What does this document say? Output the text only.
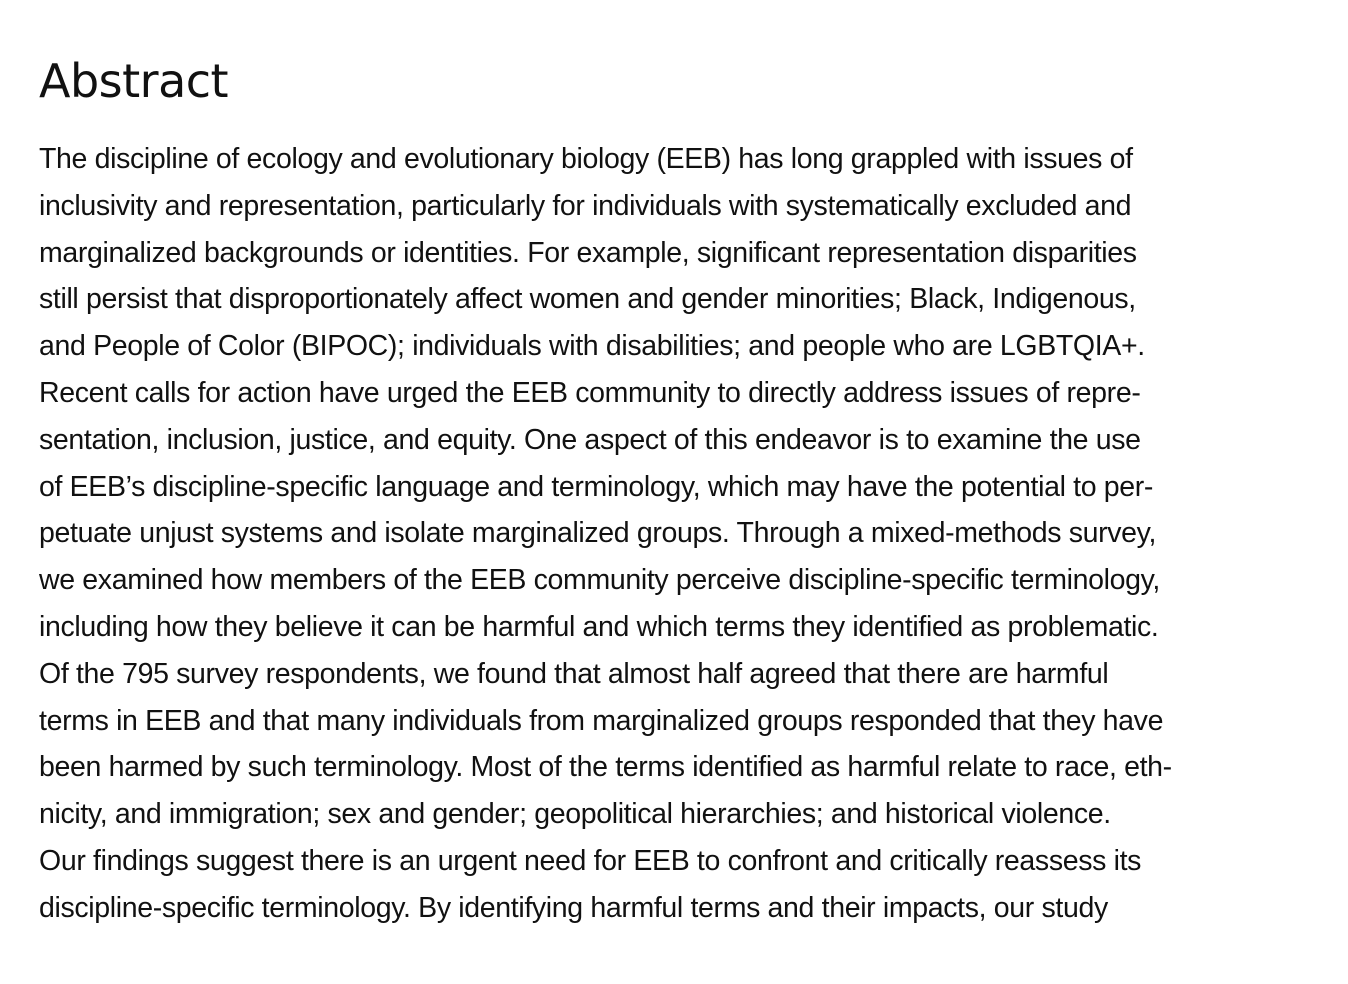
Abstract

The discipline of ecology and evolutionary biology (EEB) has long grappled with issues of
inclusivity and representation, particularly for individuals with systematically excluded and
marginalized backgrounds or identities. For example, significant representation disparities
still persist that disproportionately affect women and gender minorities; Black, Indigenous,
and People of Color (BIPOC); individuals with disabilities; and people who are LGBTQIA+.
Recent calls for action have urged the EEB community to directly address issues of repre-
sentation, inclusion, justice, and equity. One aspect of this endeavor is to examine the use
of EEB’s discipline-specific language and terminology, which may have the potential to per-
petuate unjust systems and isolate marginalized groups. Through a mixed-methods survey,
we examined how members of the EEB community perceive discipline-specific terminology,
including how they believe it can be harmful and which terms they identified as problematic.
Of the 795 survey respondents, we found that almost half agreed that there are harmful
terms in EEB and that many individuals from marginalized groups responded that they have
been harmed by such terminology. Most of the terms identified as harmful relate to race, eth-
nicity, and immigration; sex and gender; geopolitical hierarchies; and historical violence.
Our findings suggest there is an urgent need for EEB to confront and critically reassess its
discipline-specific terminology. By identifying harmful terms and their impacts, our study
